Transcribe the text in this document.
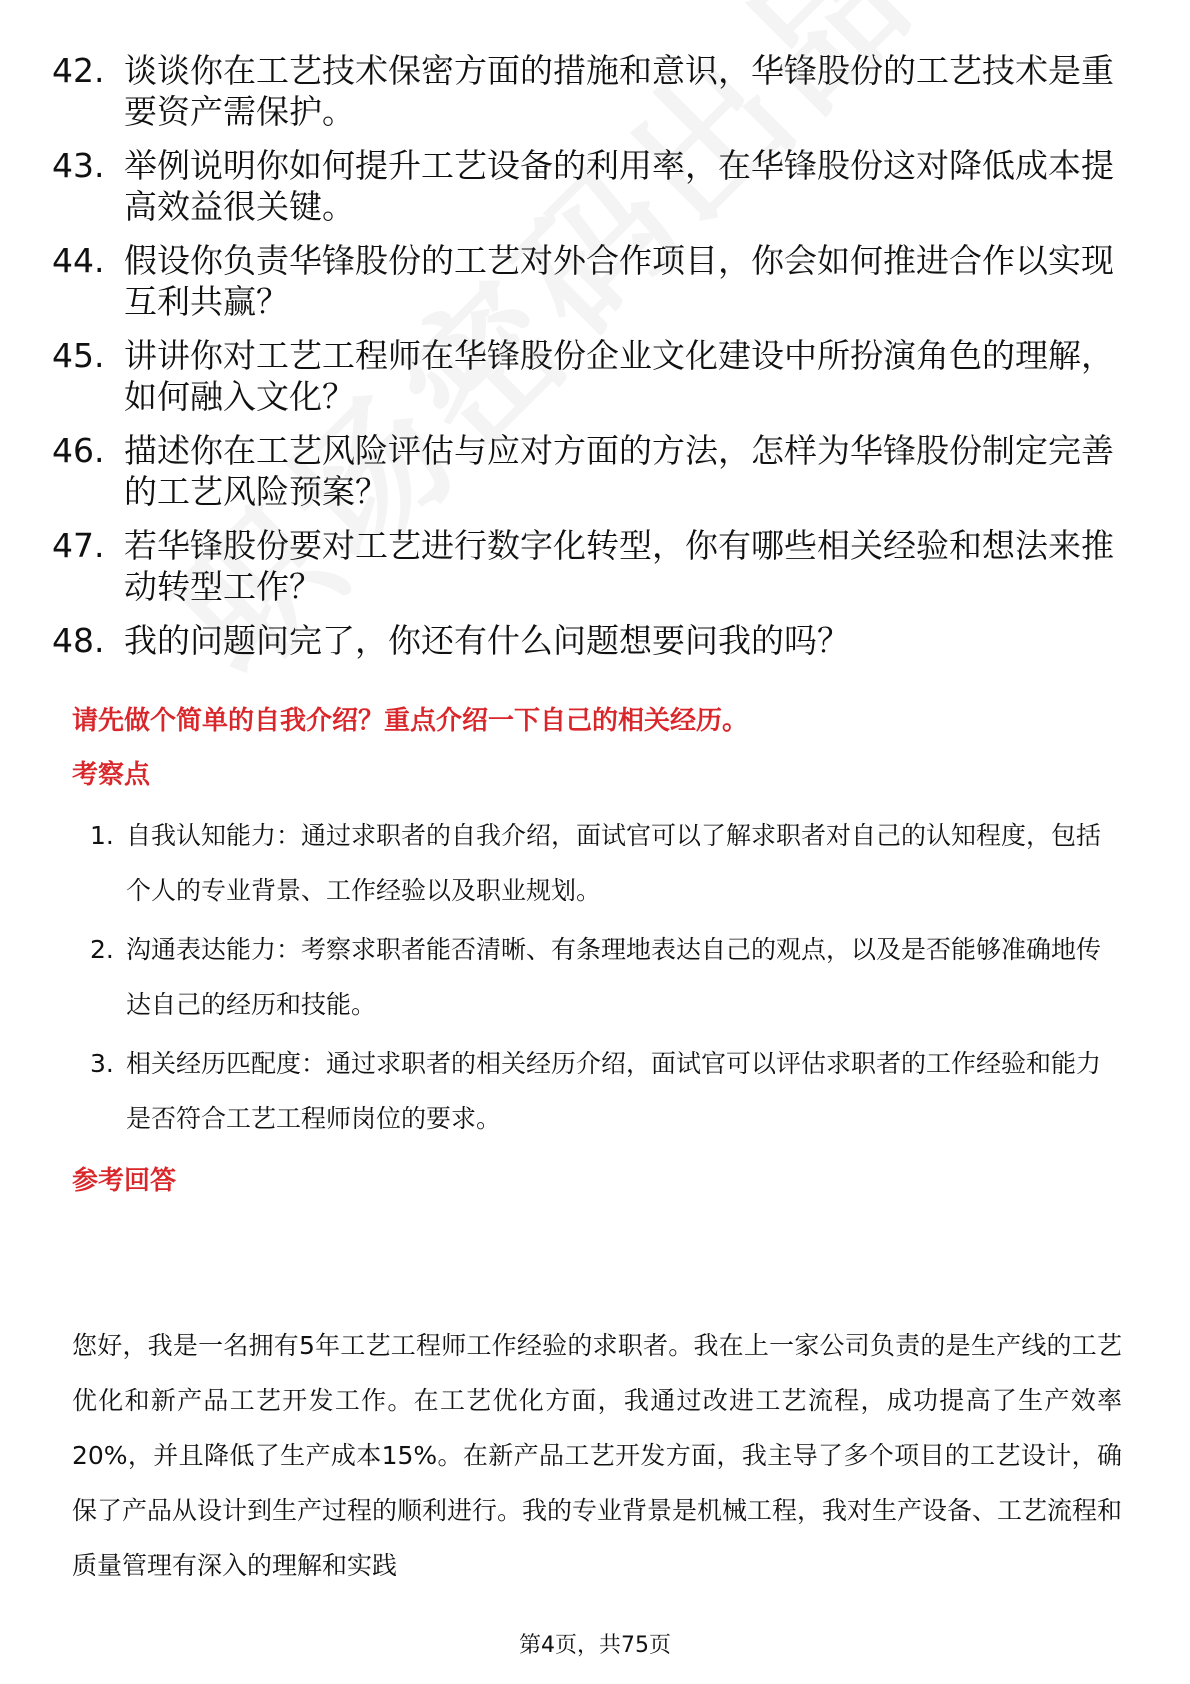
42. 谈谈你在工艺技术保密方面的措施和意识，华锋股份的工艺技术是重要资产需保护。
43. 举例说明你如何提升工艺设备的利用率，在华锋股份这对降低成本提高效益很关键。
44. 假设你负责华锋股份的工艺对外合作项目，你会如何推进合作以实现互利共赢？
45. 讲讲你对工艺工程师在华锋股份企业文化建设中所扮演角色的理解，如何融入文化？
46. 描述你在工艺风险评估与应对方面的方法，怎样为华锋股份制定完善的工艺风险预案？
47. 若华锋股份要对工艺进行数字化转型，你有哪些相关经验和想法来推动转型工作？
48. 我的问题问完了，你还有什么问题想要问我的吗？
请先做个简单的自我介绍？重点介绍一下自己的相关经历。
考察点
1. 自我认知能力：通过求职者的自我介绍，面试官可以了解求职者对自己的认知程度，包括个人的专业背景、工作经验以及职业规划。
2. 沟通表达能力：考察求职者能否清晰、有条理地表达自己的观点，以及是否能够准确地传达自己的经历和技能。
3. 相关经历匹配度：通过求职者的相关经历介绍，面试官可以评估求职者的工作经验和能力是否符合工艺工程师岗位的要求。
参考回答
您好，我是一名拥有5年工艺工程师工作经验的求职者。我在上一家公司负责的是生产线的工艺优化和新产品工艺开发工作。在工艺优化方面，我通过改进工艺流程，成功提高了生产效率20%，并且降低了生产成本15%。在新产品工艺开发方面，我主导了多个项目的工艺设计，确保了产品从设计到生产过程的顺利进行。我的专业背景是机械工程，我对生产设备、工艺流程和质量管理有深入的理解和实践
第4页，共75页
